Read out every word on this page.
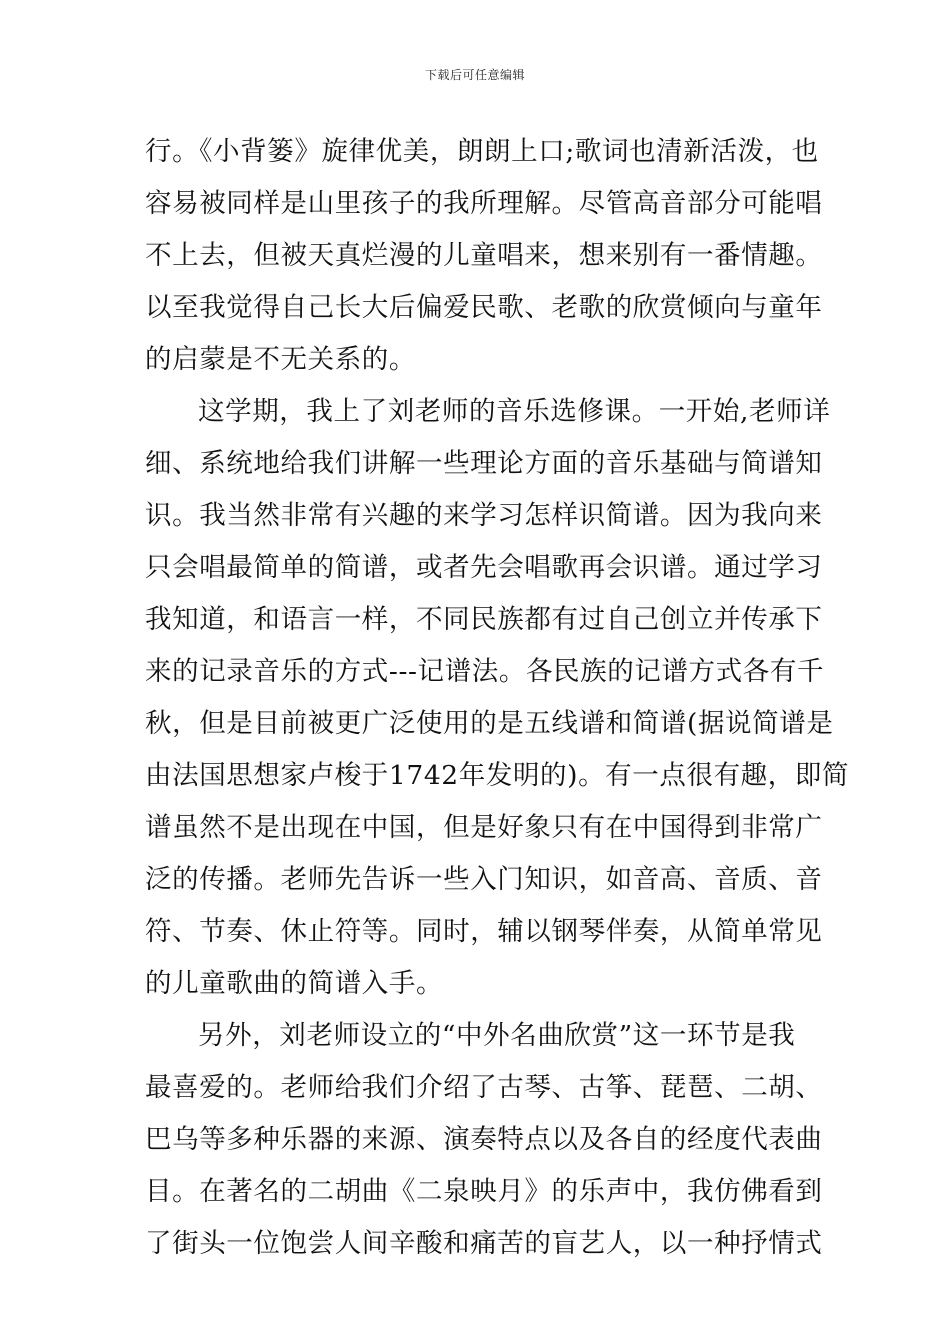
下载后可任意编辑
行。《小背篓》旋律优美，朗朗上口;歌词也清新活泼，也
容易被同样是山里孩子的我所理解。尽管高音部分可能唱
不上去，但被天真烂漫的儿童唱来，想来别有一番情趣。
以至我觉得自己长大后偏爱民歌、老歌的欣赏倾向与童年
的启蒙是不无关系的。
这学期，我上了刘老师的音乐选修课。一开始,老师详
细、系统地给我们讲解一些理论方面的音乐基础与简谱知
识。我当然非常有兴趣的来学习怎样识简谱。因为我向来
只会唱最简单的简谱，或者先会唱歌再会识谱。通过学习
我知道，和语言一样，不同民族都有过自己创立并传承下
来的记录音乐的方式---记谱法。各民族的记谱方式各有千
秋，但是目前被更广泛使用的是五线谱和简谱(据说简谱是
由法国思想家卢梭于1742年发明的)。有一点很有趣，即简
谱虽然不是出现在中国，但是好象只有在中国得到非常广
泛的传播。老师先告诉一些入门知识，如音高、音质、音
符、节奏、休止符等。同时，辅以钢琴伴奏，从简单常见
的儿童歌曲的简谱入手。
另外，刘老师设立的“中外名曲欣赏”这一环节是我
最喜爱的。老师给我们介绍了古琴、古筝、琵琶、二胡、
巴乌等多种乐器的来源、演奏特点以及各自的经度代表曲
目。在著名的二胡曲《二泉映月》的乐声中，我仿佛看到
了街头一位饱尝人间辛酸和痛苦的盲艺人，以一种抒情式
